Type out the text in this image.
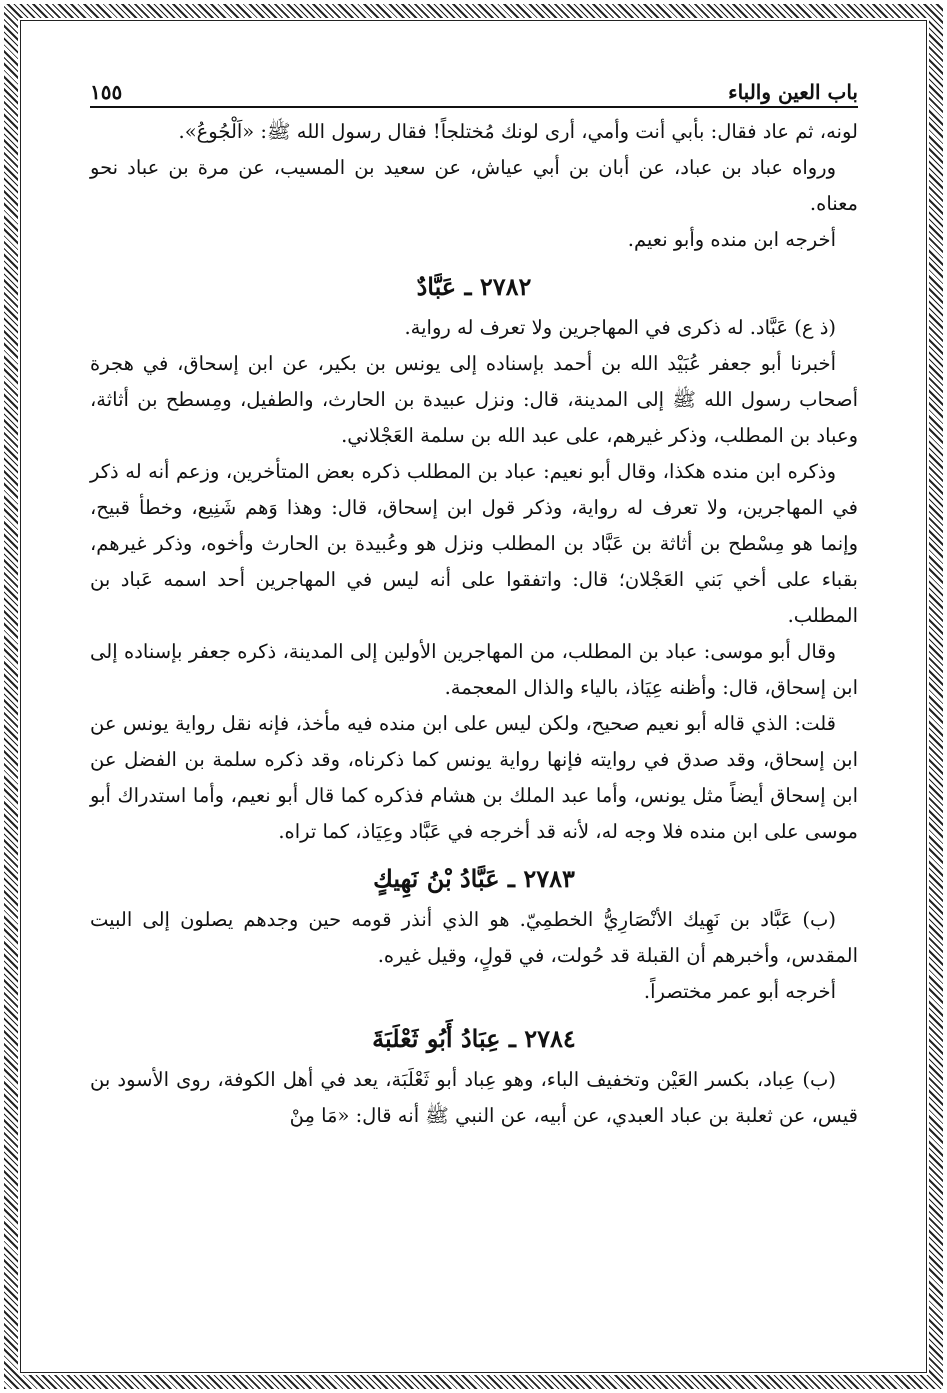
باب العين والباء
١٥٥

لونه، ثم عاد فقال: بأبي أنت وأمي، أرى لونك مُختلجاً! فقال رسول الله ﷺ: «اَلْجُوعُ».

ورواه عباد بن عباد، عن أبان بن أبي عياش، عن سعيد بن المسيب، عن مرة بن عباد نحو معناه.

أخرجه ابن منده وأبو نعيم.

٢٧٨٢ ـ عَبَّادٌ

(ذ ع) عَبَّاد. له ذكرى في المهاجرين ولا تعرف له رواية.

أخبرنا أبو جعفر عُبَيْد الله بن أحمد بإسناده إلى يونس بن بكير، عن ابن إسحاق، في هجرة أصحاب رسول الله ﷺ إلى المدينة، قال: ونزل عبيدة بن الحارث، والطفيل، ومِسطح بن أثاثة، وعباد بن المطلب، وذكر غيرهم، على عبد الله بن سلمة العَجْلاني.

وذكره ابن منده هكذا، وقال أبو نعيم: عباد بن المطلب ذكره بعض المتأخرين، وزعم أنه له ذكر في المهاجرين، ولا تعرف له رواية، وذكر قول ابن إسحاق، قال: وهذا وَهم شَنِيع، وخطأ قبيح، وإنما هو مِسْطح بن أثاثة بن عَبَّاد بن المطلب ونزل هو وعُبيدة بن الحارث وأخوه، وذكر غيرهم، بقباء على أخي بَني العَجْلان؛ قال: واتفقوا على أنه ليس في المهاجرين أحد اسمه عَباد بن المطلب.

وقال أبو موسى: عباد بن المطلب، من المهاجرين الأولين إلى المدينة، ذكره جعفر بإسناده إلى ابن إسحاق، قال: وأظنه عِيَاذ، بالياء والذال المعجمة.

قلت: الذي قاله أبو نعيم صحيح، ولكن ليس على ابن منده فيه مأخذ، فإنه نقل رواية يونس عن ابن إسحاق، وقد صدق في روايته فإنها رواية يونس كما ذكرناه، وقد ذكره سلمة بن الفضل عن ابن إسحاق أيضاً مثل يونس، وأما عبد الملك بن هشام فذكره كما قال أبو نعيم، وأما استدراك أبو موسى على ابن منده فلا وجه له، لأنه قد أخرجه في عَبَّاد وعِيَاذ، كما تراه.

٢٧٨٣ ـ عَبَّادُ بْنُ نَهِيكٍ

(ب) عَبَّاد بن نَهِيك الأنْصَارِيُّ الخطمِيّ. هو الذي أنذر قومه حين وجدهم يصلون إلى البيت المقدس، وأخبرهم أن القبلة قد حُولت، في قولٍ، وقيل غيره.

أخرجه أبو عمر مختصراً.

٢٧٨٤ ـ عِبَادُ أَبُو ثَعْلَبَةَ

(ب) عِباد، بكسر العَيْن وتخفيف الباء، وهو عِباد أبو ثَعْلَبَة، يعد في أهل الكوفة، روى الأسود بن قيس، عن ثعلبة بن عباد العبدي، عن أبيه، عن النبي ﷺ أنه قال: «مَا مِنْ
